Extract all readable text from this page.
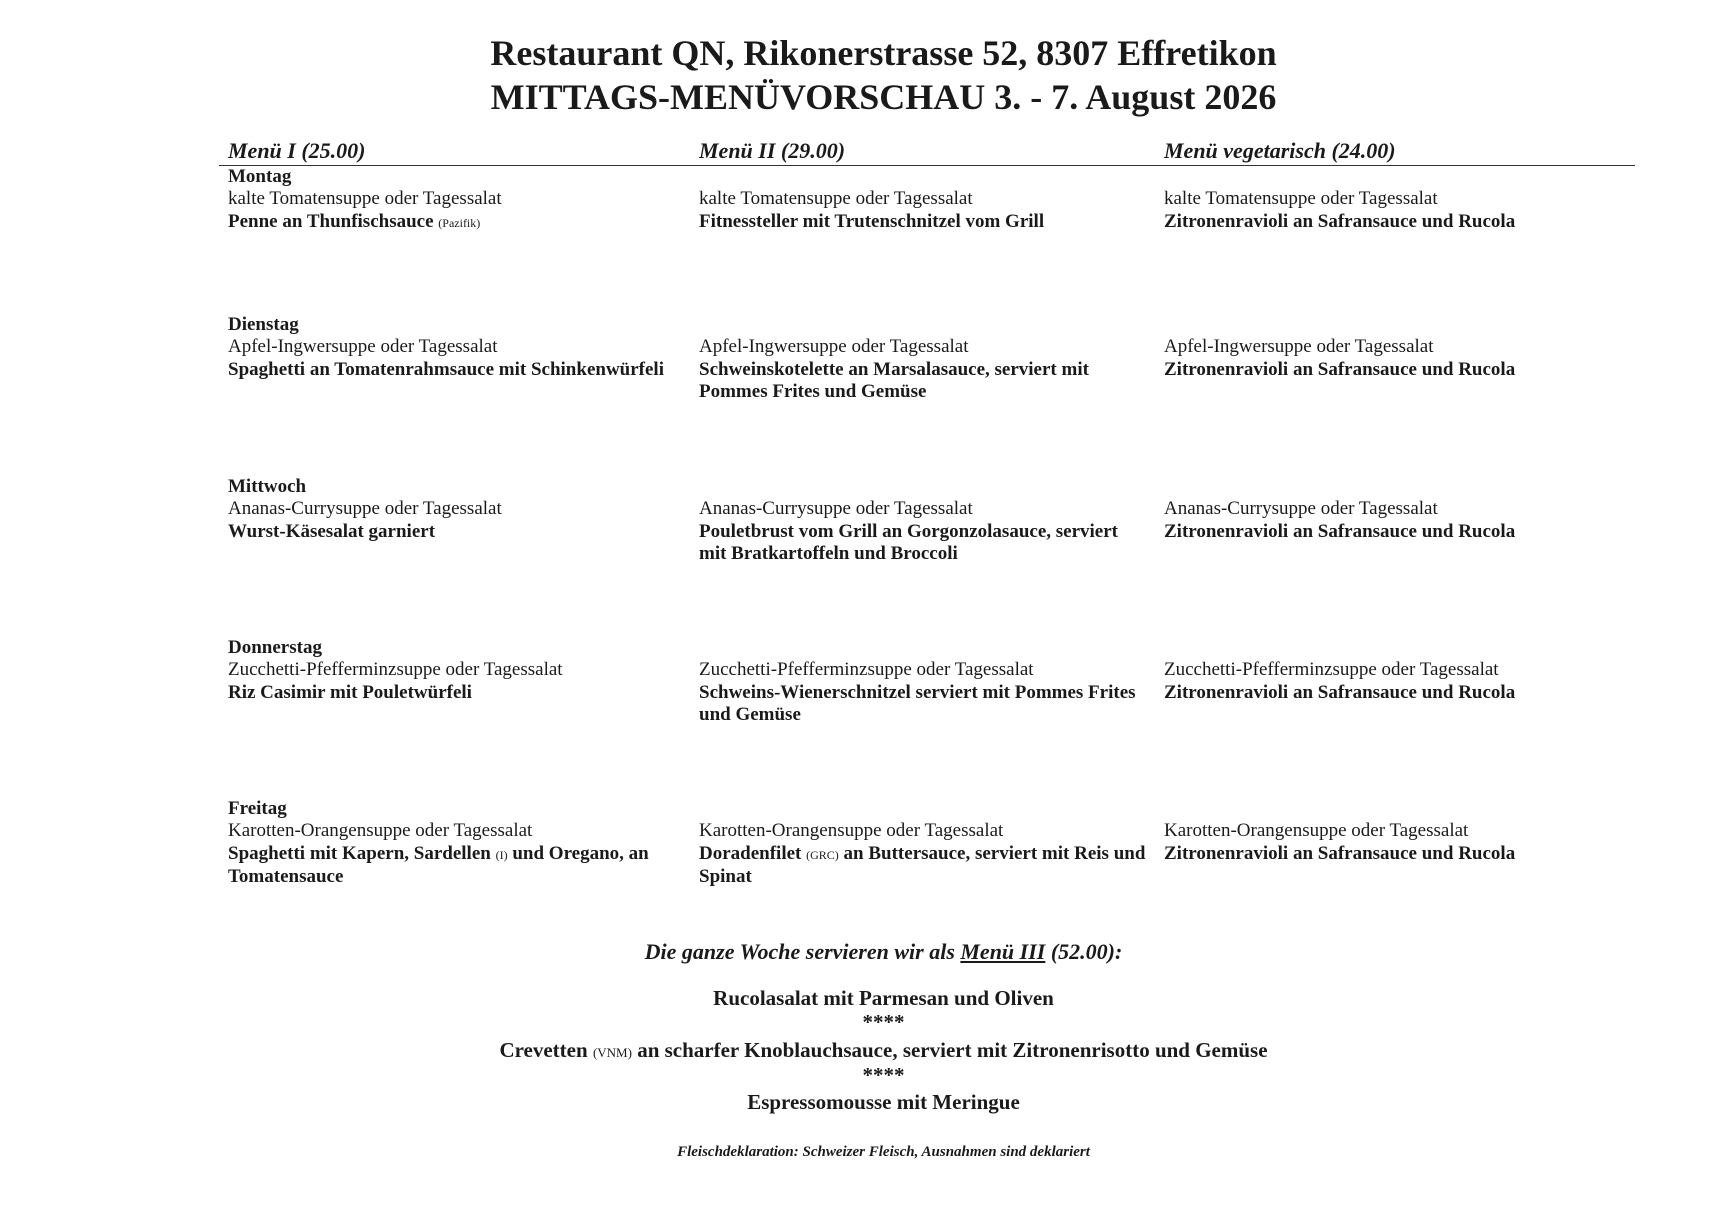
Restaurant QN, Rikonerstrasse 52, 8307 Effretikon
MITTAGS-MENÜVORSCHAU 3. - 7. August 2026
Menü I (25.00)	Menü II (29.00)	Menü vegetarisch (24.00)
Montag
kalte Tomatensuppe oder Tagessalat
Penne an Thunfischsauce (Pazifik)
kalte Tomatensuppe oder Tagessalat
Fitnessteller mit Trutenschnitzel vom Grill
kalte Tomatensuppe oder Tagessalat
Zitronenravioli an Safransauce und Rucola
Dienstag
Apfel-Ingwersuppe oder Tagessalat
Spaghetti an Tomatenrahmsauce mit Schinkenwürfeli
Apfel-Ingwersuppe oder Tagessalat
Schweinskotelette an Marsalasauce, serviert mit Pommes Frites und Gemüse
Apfel-Ingwersuppe oder Tagessalat
Zitronenravioli an Safransauce und Rucola
Mittwoch
Ananas-Currysuppe oder Tagessalat
Wurst-Käsesalat garniert
Ananas-Currysuppe oder Tagessalat
Pouletbrust vom Grill an Gorgonzolasauce, serviert mit Bratkartoffeln und Broccoli
Ananas-Currysuppe oder Tagessalat
Zitronenravioli an Safransauce und Rucola
Donnerstag
Zucchetti-Pfefferminzsuppe oder Tagessalat
Riz Casimir mit Pouletwürfeli
Zucchetti-Pfefferminzsuppe oder Tagessalat
Schweins-Wienerschnitzel serviert mit Pommes Frites und Gemüse
Zucchetti-Pfefferminzsuppe oder Tagessalat
Zitronenravioli an Safransauce und Rucola
Freitag
Karotten-Orangensuppe oder Tagessalat
Spaghetti mit Kapern, Sardellen (I) und Oregano, an Tomatensauce
Karotten-Orangensuppe oder Tagessalat
Doradenfilet (GRC) an Buttersauce, serviert mit Reis und Spinat
Karotten-Orangensuppe oder Tagessalat
Zitronenravioli an Safransauce und Rucola
Die ganze Woche servieren wir als Menü III (52.00):
Rucolasalat mit Parmesan und Oliven
****
Crevetten (VNM) an scharfer Knoblauchsauce, serviert mit Zitronenrisotto und Gemüse
****
Espressomousse mit Meringue
Fleischdeklaration: Schweizer Fleisch, Ausnahmen sind deklariert
